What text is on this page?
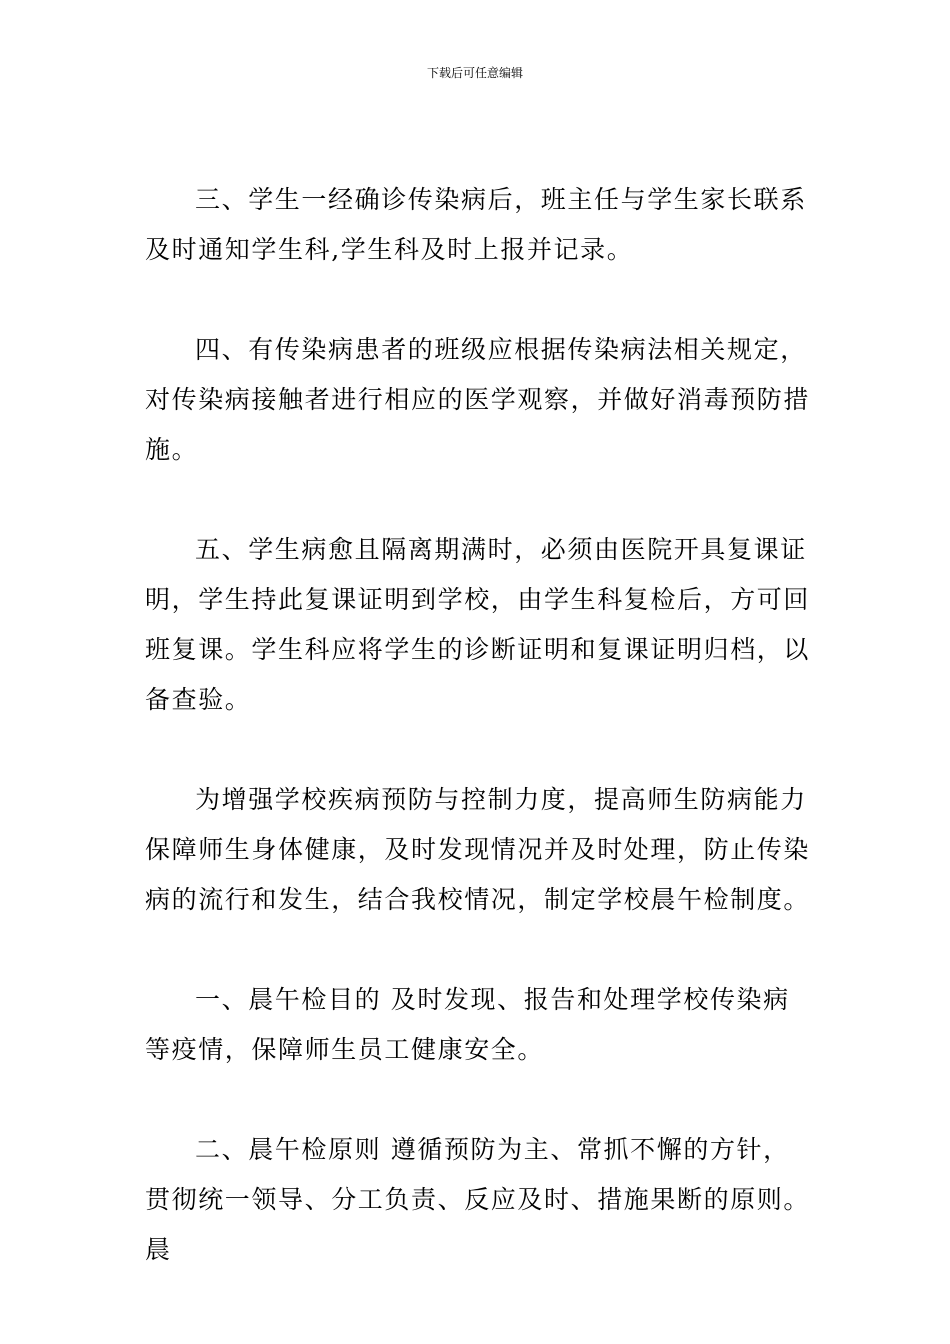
下载后可任意编辑

三、学生一经确诊传染病后，班主任与学生家长联系及时通知学生科,学生科及时上报并记录。

四、有传染病患者的班级应根据传染病法相关规定，对传染病接触者进行相应的医学观察，并做好消毒预防措施。

五、学生病愈且隔离期满时，必须由医院开具复课证明，学生持此复课证明到学校，由学生科复检后，方可回班复课。学生科应将学生的诊断证明和复课证明归档，以备查验。

为增强学校疾病预防与控制力度，提高师生防病能力保障师生身体健康，及时发现情况并及时处理，防止传染病的流行和发生，结合我校情况，制定学校晨午检制度。

一、晨午检目的 及时发现、报告和处理学校传染病等疫情，保障师生员工健康安全。

二、晨午检原则 遵循预防为主、常抓不懈的方针，贯彻统一领导、分工负责、反应及时、措施果断的原则。晨
